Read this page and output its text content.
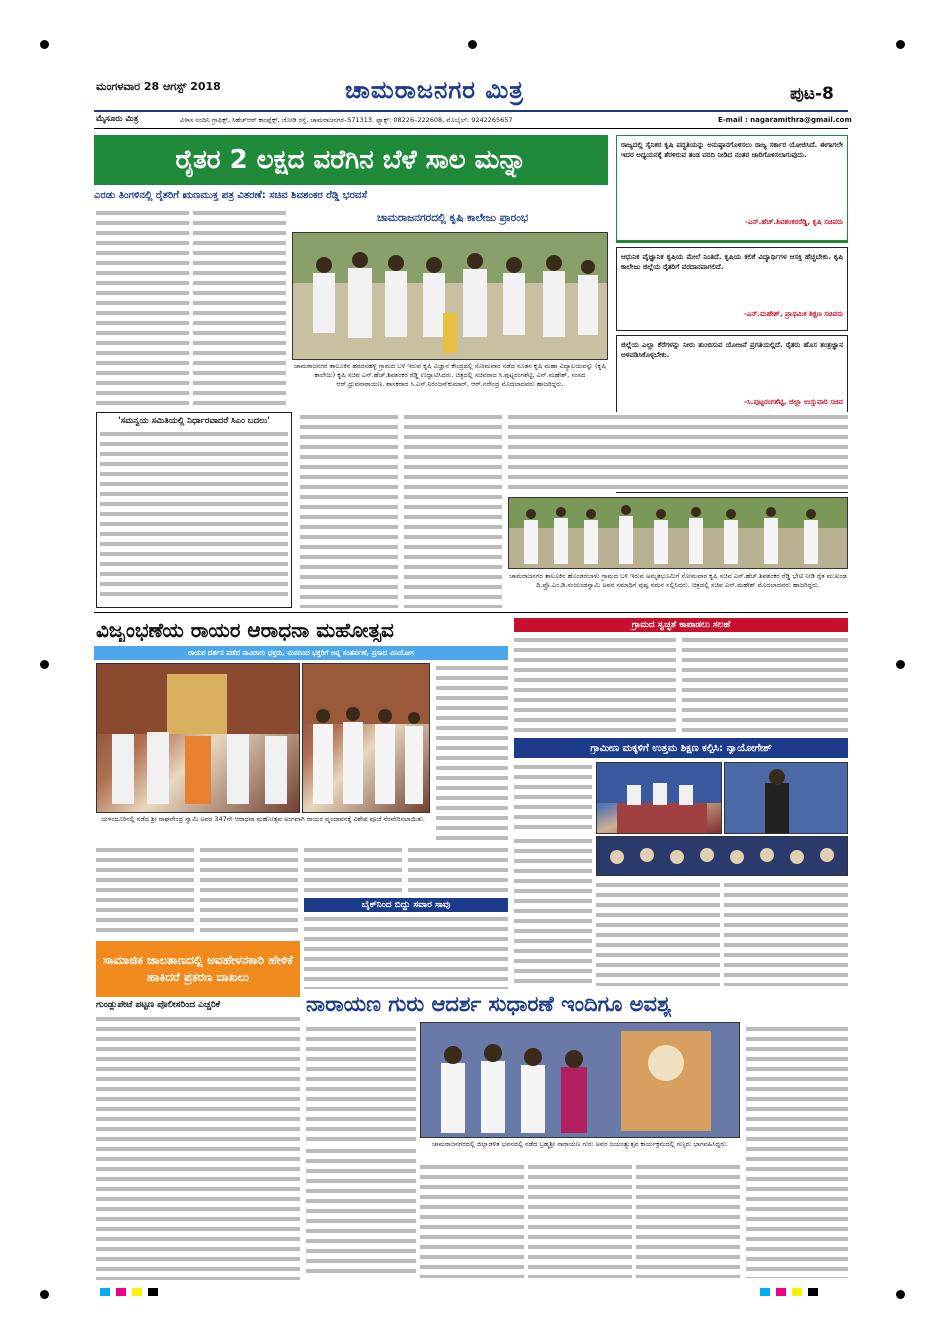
ಮಂಗಳವಾರ 28 ಆಗಸ್ಟ್ 2018	ಚಾಮರಾಜನಗರ ಮಿತ್ರ	ಪುಟ-8
ಮೈಸೂರು ಮಿತ್ರ	ವಿಳಾಸ ನಂದಿನಿ ಗ್ರಾಫಿಕ್ಸ್, ಸಿಹೆಚ್‌ಆರ್ ಕಾಂಪ್ಲೆಕ್ಸ್, ಜೋಡಿ ರಸ್ತೆ, ಚಾಮರಾಜನಗರ–571313. ಫ್ಯಾಕ್ಸ್: 08226–222608, ಮೊಬೈಲ್: 9242265657	E-mail : nagaramithra@gmail.com
ರೈತರ 2 ಲಕ್ಷದ ವರೆಗಿನ ಬೆಳೆ ಸಾಲ ಮನ್ನಾ
ಎರಡು ತಿಂಗಳಿನಲ್ಲಿ ರೈತರಿಗೆ ಋಣಮುಕ್ತ ಪತ್ರ ವಿತರಣೆ: ಸಚಿವ ಶಿವಶಂಕರ ರೆಡ್ಡಿ ಭರವಸೆ
ಚಾಮರಾಜನಗರದಲ್ಲಿ ಕೃಷಿ ಕಾಲೇಜು ಪ್ರಾರಂಭ
ಚಾಮರಾಜನಗರ ತಾಲೂಕಿನ ಹರದನಹಳ್ಳಿ ಗ್ರಾಮದ ಬಳಿ ಇರುವ ಕೃಷಿ ವಿಜ್ಞಾನ ಕೇಂದ್ರದಲ್ಲಿ ಸೋಮವಾರ ನಡೆದ ನೂತನ ಕೃಷಿ ಮಹಾ ವಿದ್ಯಾಲಯವನ್ನು (ಕೃಷಿ ಕಾಲೇಜು) ಕೃಷಿ ಸಚಿವ ಎನ್.ಹೆಚ್.ಶಿವಶಂಕರ ರೆಡ್ಡಿ ಉದ್ಘಾಟಿಸಿದರು. ಚಿತ್ರದಲ್ಲಿ ಸಚಿವರಾದ ಸಿ.ಪುಟ್ಟರಂಗಶೆಟ್ಟಿ, ಎನ್.ಮಹೇಶ್, ಸಂಸದ ಆರ್.ಧ್ರುವನಾರಾಯಣ, ಶಾಸಕರಾದ ಸಿ.ಎಸ್.ನಿರಂಜನ್‌ಕುಮಾರ್, ಆರ್.ನರೇಂದ್ರ ಮೊದಲಾದವರು ಹಾಜರಿದ್ದರು.
ರಾಜ್ಯದಲ್ಲಿ ಸೈನಿಕರ ಕೃಷಿ ಪದ್ಧತಿಯನ್ನು ಅನುಷ್ಠಾನಗೊಳಿಸಲು ರಾಜ್ಯ ಸರ್ಕಾರ ಯೋಜಿಸಿದೆ. ಈಗಾಗಲೇ ಇದರ ಅಧ್ಯಯನಕ್ಕೆ ತೆರಳಿರುವ ತಂಡ ವರದಿ ನೀಡಿದ ನಂತರ ಜಾರಿಗೊಳಿಸಲಾಗುವುದು.
-ಎನ್.ಹೆಚ್.ಶಿವಶಂಕರರೆಡ್ಡಿ, ಕೃಷಿ ಸಚಿವರು
ಆಧುನಿಕ ವೈಜ್ಞಾನಿಕ ಕೃಷಿಯ ಮೇಲೆ ನಿಂತಿದೆ. ಕೃಷಿಯ ಕಲಿಕೆ ವಿದ್ಯಾರ್ಥಿಗಳ ಆಸಕ್ತಿ ಹೆಚ್ಚಬೇಕು. ಕೃಷಿ ಕಾಲೇಜು ಜಿಲ್ಲೆಯ ರೈತರಿಗೆ ವರದಾನವಾಗಲಿದೆ.
-ಎನ್.ಮಹೇಶ್, ಪ್ರಾಥಮಿಕ ಶಿಕ್ಷಣ ಸಚಿವರು
ಜಿಲ್ಲೆಯ ಎಲ್ಲಾ ಕೆರೆಗಳನ್ನು ನೀರು ತುಂಬಿಸುವ ಯೋಜನೆ ಪ್ರಗತಿಯಲ್ಲಿದೆ. ರೈತರು ಹೊಸ ತಂತ್ರಜ್ಞಾನ ಅಳವಡಿಸಿಕೊಳ್ಳಬೇಕು.
-ಸಿ.ಪುಟ್ಟರಂಗಶೆಟ್ಟಿ, ಜಿಲ್ಲಾ ಉಸ್ತುವಾರಿ ಸಚಿವ
'ಸಮನ್ವಯ ಸಮಿತಿಯಲ್ಲಿ ನಿರ್ಧಾರವಾದರೆ ಸಿಎಂ ಬದಲು'
ಚಾಮರಾಜನಗರ ತಾಲೂಕಿನ ಹೊಂಡರಬಾಳು ಗ್ರಾಮದ ಬಳಿ ಇರುವ ಅಮೃತಭೂಮಿಗೆ ಸೋಮವಾರ ಕೃಷಿ ಸಚಿವ ಎನ್.ಹೆಚ್.ಶಿವಶಂಕರ ರೆಡ್ಡಿ ಭೇಟಿ ನೀಡಿ ರೈತ ಮುಖಂಡ ದಿ.ಪ್ರೊ.ಎಂ.ಡಿ.ನಂಜುಂಡಸ್ವಾಮಿ ಅವರ ಸಮಾಧಿಗೆ ಪುಷ್ಪ ನಮನ ಸಲ್ಲಿಸಿದರು. ಚಿತ್ರದಲ್ಲಿ ಸಚಿವ ಎನ್.ಮಹೇಶ್ ಮೊದಲಾದವರು ಹಾಜರಿದ್ದರು.
ವಿಜೃಂಭಣೆಯ ರಾಯರ ಆರಾಧನಾ ಮಹೋತ್ಸವ
ರಾಯರ ದರ್ಶನ ಪಡೆದ ಸಾವಿರಾರು ಭಕ್ತರು, ಮಠದಿಂದ ಭಕ್ತರಿಗೆ ಅನ್ನ ಸಂತರ್ಪಣೆ, ಪ್ರಸಾದ ವಿನಿಯೋಗ
ಯಳಂದೂರಿನಲ್ಲಿ ನಡೆದ ಶ್ರೀ ರಾಘವೇಂದ್ರ ಸ್ವಾಮಿ ಅವರ 347ನೇ ಆರಾಧನಾ ಮಹೋತ್ಸವ ಅಂಗವಾಗಿ ರಾಯರ ವೃಂದಾವನಕ್ಕೆ ವಿಶೇಷ ಪೂಜೆ ನೆರವೇರಿಸಲಾಯಿತು.
ಬೈಕ್‌ನಿಂದ ಬಿದ್ದು ಸವಾರ ಸಾವು
ಸಾಮಾಜಿಕ ಜಾಲತಾಣದಲ್ಲಿ ಅವಹೇಳನಕಾರಿ ಹೇಳಿಕೆ ಹಾಕಿದರೆ ಪ್ರಕರಣ ದಾಖಲು
ಗುಂಡ್ಲುಪೇಟೆ ಪಟ್ಟಣ ಪೊಲೀಸರಿಂದ ಎಚ್ಚರಿಕೆ
ಗ್ರಾಮದ ಸ್ವಚ್ಛತೆ ಕಾಪಾಡಲು ಸಲಹೆ
ಗ್ರಾಮೀಣ ಮಕ್ಕಳಿಗೆ ಉತ್ತಮ ಶಿಕ್ಷಣ ಕಲ್ಪಿಸಿ: ನ್ಯಾಯೋಗೇಶ್
ನಾರಾಯಣ ಗುರು ಆದರ್ಶ ಸುಧಾರಣೆ ಇಂದಿಗೂ ಅವಶ್ಯ
ಚಾಮರಾಜನಗರದಲ್ಲಿ ಜಿಲ್ಲಾಡಳಿತ ಭವನದಲ್ಲಿ ನಡೆದ ಬ್ರಹ್ಮಶ್ರೀ ನಾರಾಯಣ ಗುರು ಅವರ ಜಯಂತ್ಯುತ್ಸವ ಕಾರ್ಯಕ್ರಮದಲ್ಲಿ ಗಣ್ಯರು ಭಾಗವಹಿಸಿದ್ದರು.
